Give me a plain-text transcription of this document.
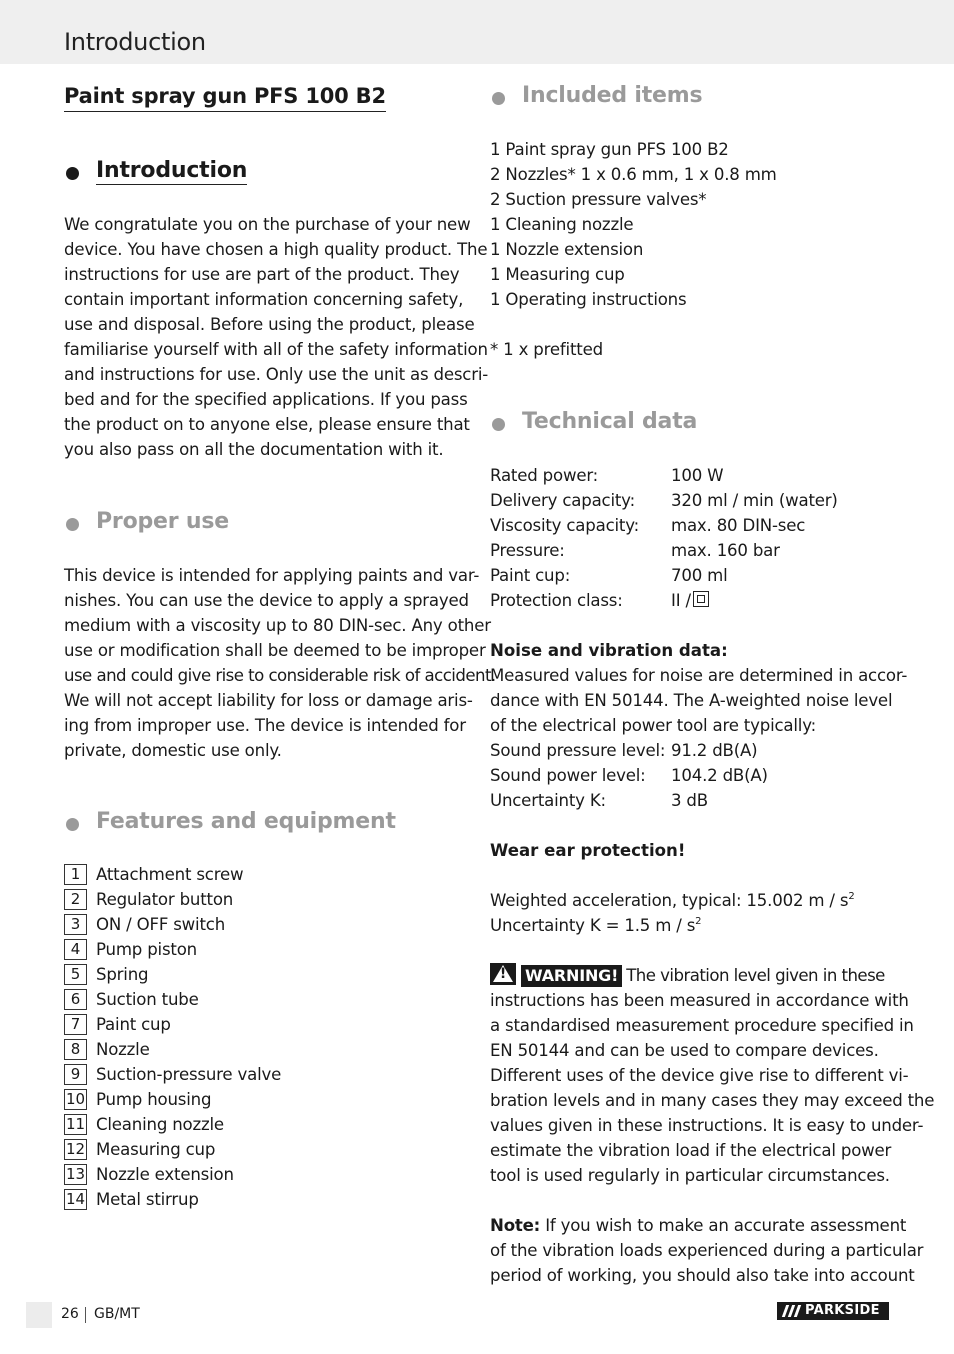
Introduction
Paint spray gun PFS 100 B2
Introduction
We congratulate you on the purchase of your new
device. You have chosen a high quality product. The
instructions for use are part of the product. They
contain important information concerning safety,
use and disposal. Before using the product, please
familiarise yourself with all of the safety information
and instructions for use. Only use the unit as descri-
bed and for the specified applications. If you pass
the product on to anyone else, please ensure that
you also pass on all the documentation with it.
Proper use
This device is intended for applying paints and var-
nishes. You can use the device to apply a sprayed
medium with a viscosity up to 80 DIN-sec. Any other
use or modification shall be deemed to be improper
use and could give rise to considerable risk of accident.
We will not accept liability for loss or damage aris-
ing from improper use. The device is intended for
private, domestic use only.
Features and equipment
1 Attachment screw
2 Regulator button
3 ON / OFF switch
4 Pump piston
5 Spring
6 Suction tube
7 Paint cup
8 Nozzle
9 Suction-pressure valve
10 Pump housing
11 Cleaning nozzle
12 Measuring cup
13 Nozzle extension
14 Metal stirrup
Included items
1 Paint spray gun PFS 100 B2
2 Nozzles* 1 x 0.6 mm, 1 x 0.8 mm
2 Suction pressure valves*
1 Cleaning nozzle
1 Nozzle extension
1 Measuring cup
1 Operating instructions
* 1 x prefitted
Technical data
Rated power:	100 W
Delivery capacity: 320 ml / min (water)
Viscosity capacity: max. 80 DIN-sec
Pressure:	max. 160 bar
Paint cup:	700 ml
Protection class:	II /
Noise and vibration data:
Measured values for noise are determined in accor-
dance with EN 50144. The A-weighted noise level
of the electrical power tool are typically:
Sound pressure level: 91.2 dB(A)
Sound power level: 104.2 dB(A)
Uncertainty K:	3 dB
Wear ear protection!
Weighted acceleration, typical: 15.002 m / $s^2$
Uncertainty K = 1.5 m / $s^2$
!WARNING! The vibration level given in these
instructions has been measured in accordance with
a standardised measurement procedure specified in
EN 50144 and can be used to compare devices.
Different uses of the device give rise to different vi-
bration levels and in many cases they may exceed the
values given in these instructions. It is easy to under-
estimate the vibration load if the electrical power
tool is used regularly in particular circumstances.
Note: If you wish to make an accurate assessment
of the vibration loads experienced during a particular
period of working, you should also take into account
26 GB/MT	PARKSIDE
